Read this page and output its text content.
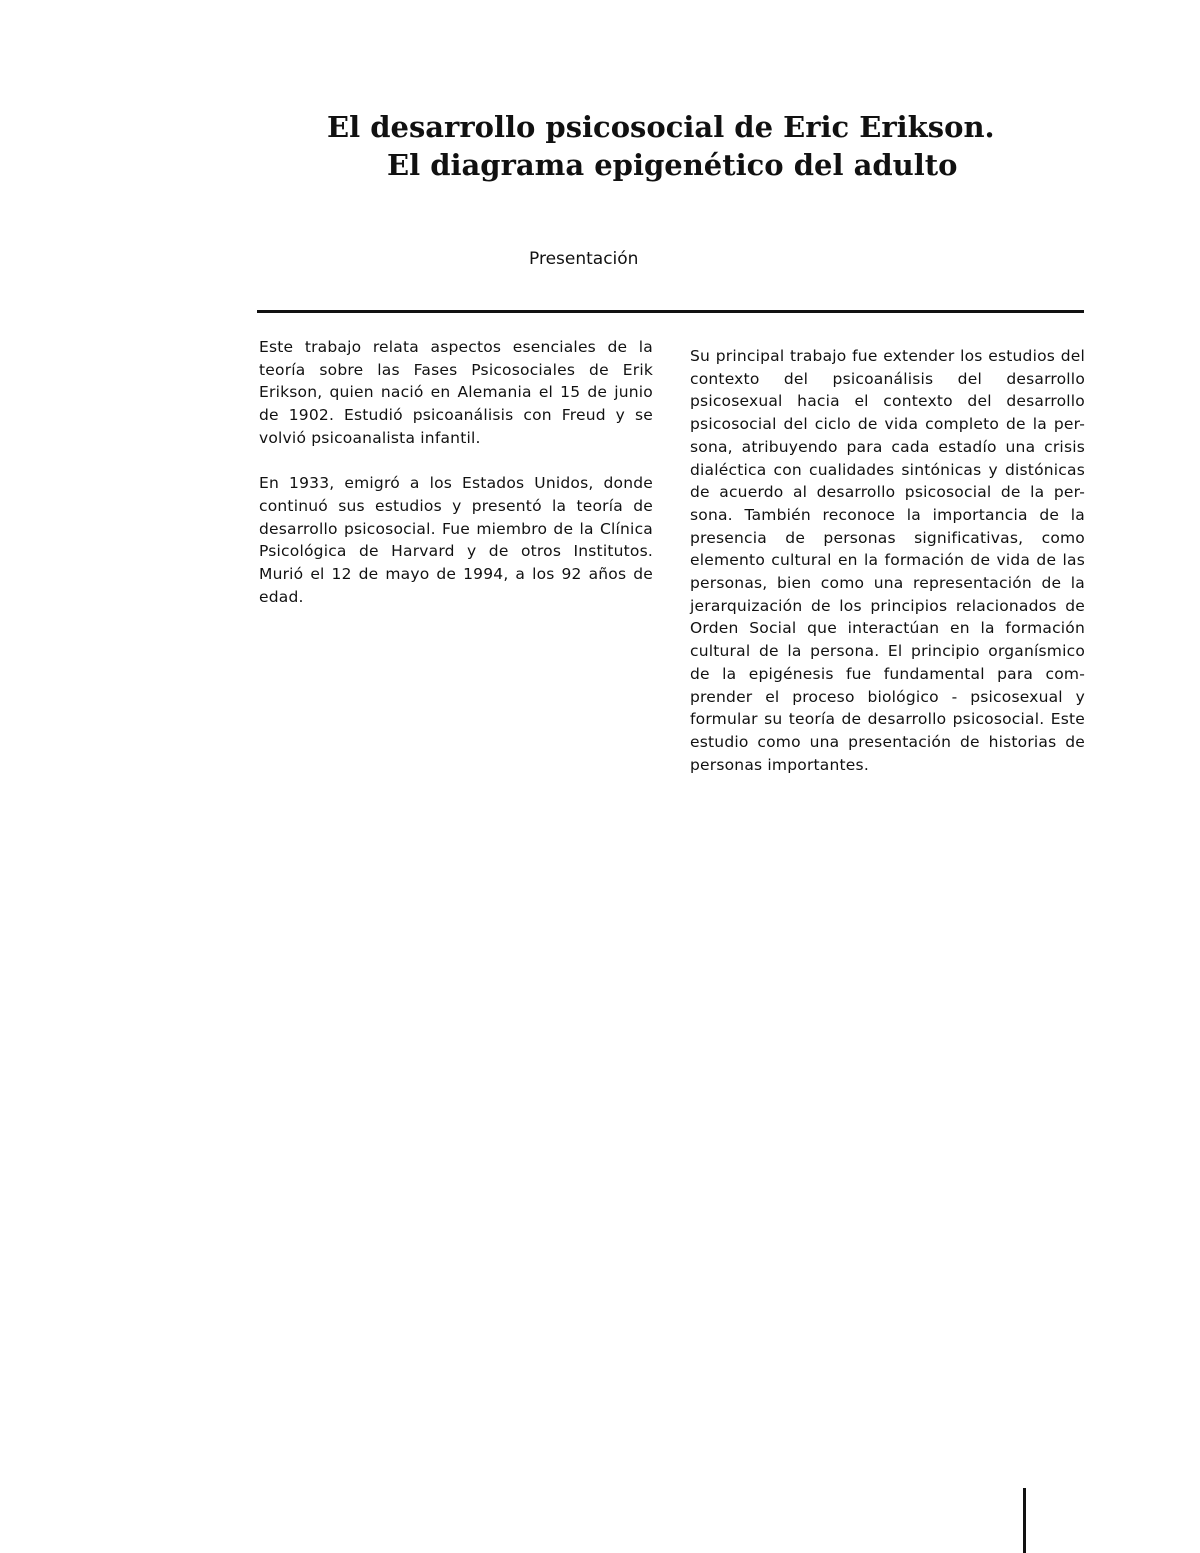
El desarrollo psicosocial de Eric Erikson.
El diagrama epigenético del adulto
Presentación

Este trabajo relata aspectos esenciales de la teoría sobre las Fases Psicosociales de Erik Erikson, quien nació en Alemania el 15 de junio de 1902. Estudió psicoanálisis con Freud y se volvió psicoanalista infantil.

En 1933, emigró a los Estados Unidos, donde continuó sus estudios y presentó la teoría de desarrollo psicosocial. Fue miembro de la Clínica Psicológica de Harvard y de otros Institutos. Murió el 12 de mayo de 1994, a los 92 años de edad.

Su principal trabajo fue extender los estudios del contexto del psicoanálisis del desarrollo psicosexual hacia el contexto del desarrollo psicosocial del ciclo de vida completo de la per- sona, atribuyendo para cada estadío una crisis dialéctica con cualidades sintónicas y distónicas de acuerdo al desarrollo psicosocial de la per- sona. También reconoce la importancia de la presencia de personas significativas, como elemento cultural en la formación de vida de las personas, bien como una representación de la jerarquización de los principios relacionados de Orden Social que interactúan en la formación cultural de la persona. El principio organísmico de la epigénesis fue fundamental para com- prender el proceso biológico - psicosexual y formular su teoría de desarrollo psicosocial. Este estudio como una presentación de historias de personas importantes.
